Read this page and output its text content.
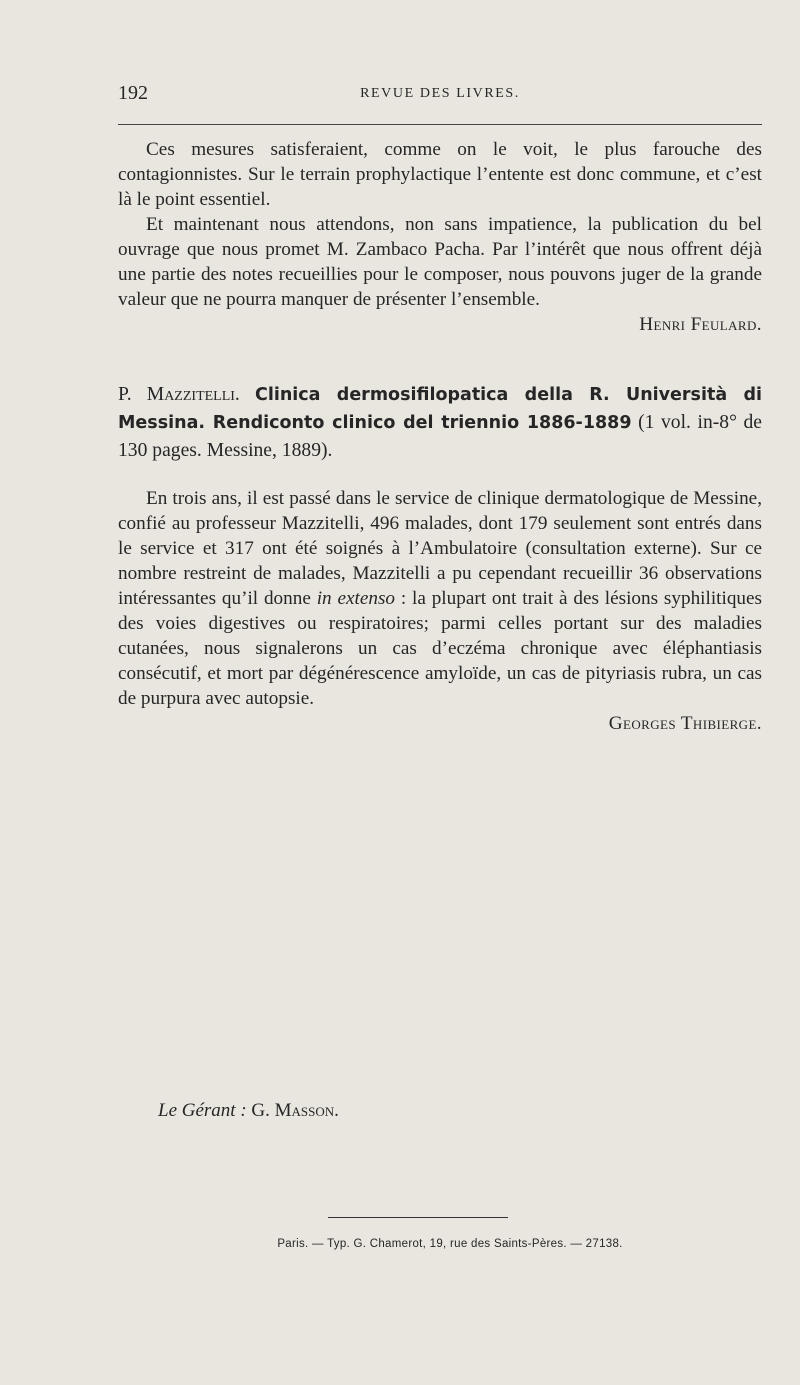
192	REVUE DES LIVRES.

Ces mesures satisferaient, comme on le voit, le plus farouche des contagionnistes. Sur le terrain prophylactique l’entente est donc commune, et c’est là le point essentiel.

Et maintenant nous attendons, non sans impatience, la publication du bel ouvrage que nous promet M. Zambaco Pacha. Par l’intérêt que nous offrent déjà une partie des notes recueillies pour le composer, nous pouvons juger de la grande valeur que ne pourra manquer de présenter l’ensemble.

Henri Feulard.

P. Mazzitelli. Clinica dermosifilopatica della R. Università di Messina. Rendiconto clinico del triennio 1886-1889 (1 vol. in-8° de 130 pages. Messine, 1889).

En trois ans, il est passé dans le service de clinique dermatologique de Messine, confié au professeur Mazzitelli, 496 malades, dont 179 seulement sont entrés dans le service et 317 ont été soignés à l’Ambulatoire (consultation externe). Sur ce nombre restreint de malades, Mazzitelli a pu cependant recueillir 36 observations intéressantes qu’il donne in extenso : la plupart ont trait à des lésions syphilitiques des voies digestives ou respiratoires; parmi celles portant sur des maladies cutanées, nous signalerons un cas d’eczéma chronique avec éléphantiasis consécutif, et mort par dégénérescence amyloïde, un cas de pityriasis rubra, un cas de purpura avec autopsie.

Georges Thibierge.

Le Gérant : G. Masson.
Paris. — Typ. G. Chamerot, 19, rue des Saints-Pères. — 27138.
